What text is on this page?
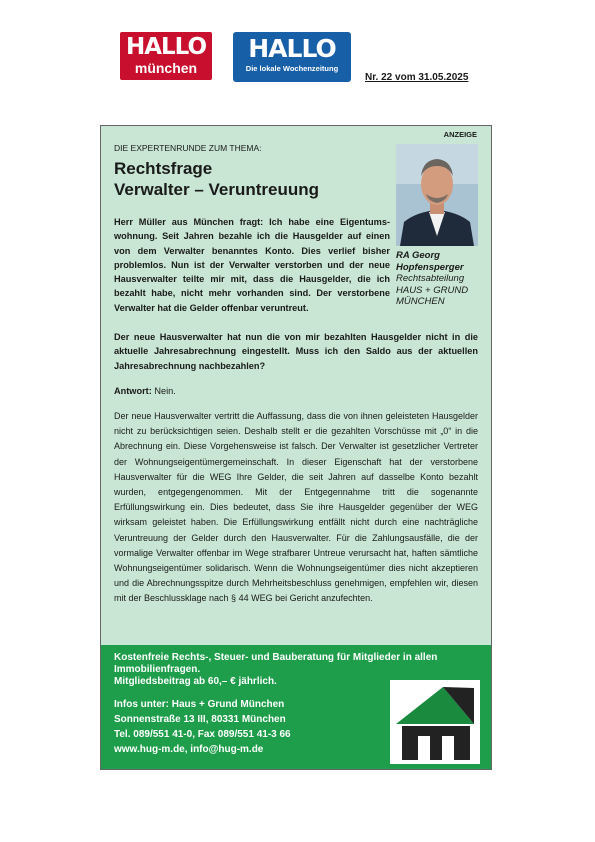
HALLO
münchen
HALLO
Die lokale Wochenzeitung
Nr. 22 vom 31.05.2025
ANZEIGE
DIE EXPERTENRUNDE ZUM THEMA:
Rechtsfrage
Verwalter – Veruntreuung
RA Georg
Hopfensperger
Rechtsabteilung
HAUS + GRUND
MÜNCHEN
Herr Müller aus München fragt: Ich habe eine Eigentumswohnung. Seit Jahren bezahle ich die Hausgelder auf einen von dem Verwalter benanntes Konto. Dies verlief bisher problemlos. Nun ist der Verwalter verstorben und der neue Hausverwalter teilte mir mit, dass die Hausgelder, die ich bezahlt habe, nicht mehr vorhanden sind. Der verstorbene Verwalter hat die Gelder offenbar veruntreut.
Der neue Hausverwalter hat nun die von mir bezahlten Hausgelder nicht in die aktuelle Jahresabrechnung eingestellt. Muss ich den Saldo aus der aktuellen Jahresabrechnung nachbezahlen?
Antwort: Nein.
Der neue Hausverwalter vertritt die Auffassung, dass die von ihnen geleisteten Hausgelder nicht zu berücksichtigen seien. Deshalb stellt er die gezahlten Vorschüsse mit „0“ in die Abrechnung ein. Diese Vorgehensweise ist falsch. Der Verwalter ist gesetzlicher Vertreter der Wohnungseigentümergemeinschaft. In dieser Eigenschaft hat der verstorbene Hausverwalter für die WEG Ihre Gelder, die seit Jahren auf dasselbe Konto bezahlt wurden, entgegengenommen. Mit der Entgegennahme tritt die sogenannte Erfüllungswirkung ein. Dies bedeutet, dass Sie ihre Hausgelder gegenüber der WEG wirksam geleistet haben. Die Erfüllungswirkung entfällt nicht durch eine nachträgliche Veruntreuung der Gelder durch den Hausverwalter. Für die Zahlungsausfälle, die der vormalige Verwalter offenbar im Wege strafbarer Untreue verursacht hat, haften sämtliche Wohnungseigentümer solidarisch. Wenn die Wohnungseigentümer dies nicht akzeptieren und die Abrechnungsspitze durch Mehrheitsbeschluss genehmigen, empfehlen wir, diesen mit der Beschlussklage nach § 44 WEG bei Gericht anzufechten.
Kostenfreie Rechts-, Steuer- und Bauberatung für Mitglieder in allen Immobilienfragen.
Mitgliedsbeitrag ab 60,– € jährlich.
Infos unter: Haus + Grund München
Sonnenstraße 13 III, 80331 München
Tel. 089/551 41-0, Fax 089/551 41-3 66
www.hug-m.de, info@hug-m.de
